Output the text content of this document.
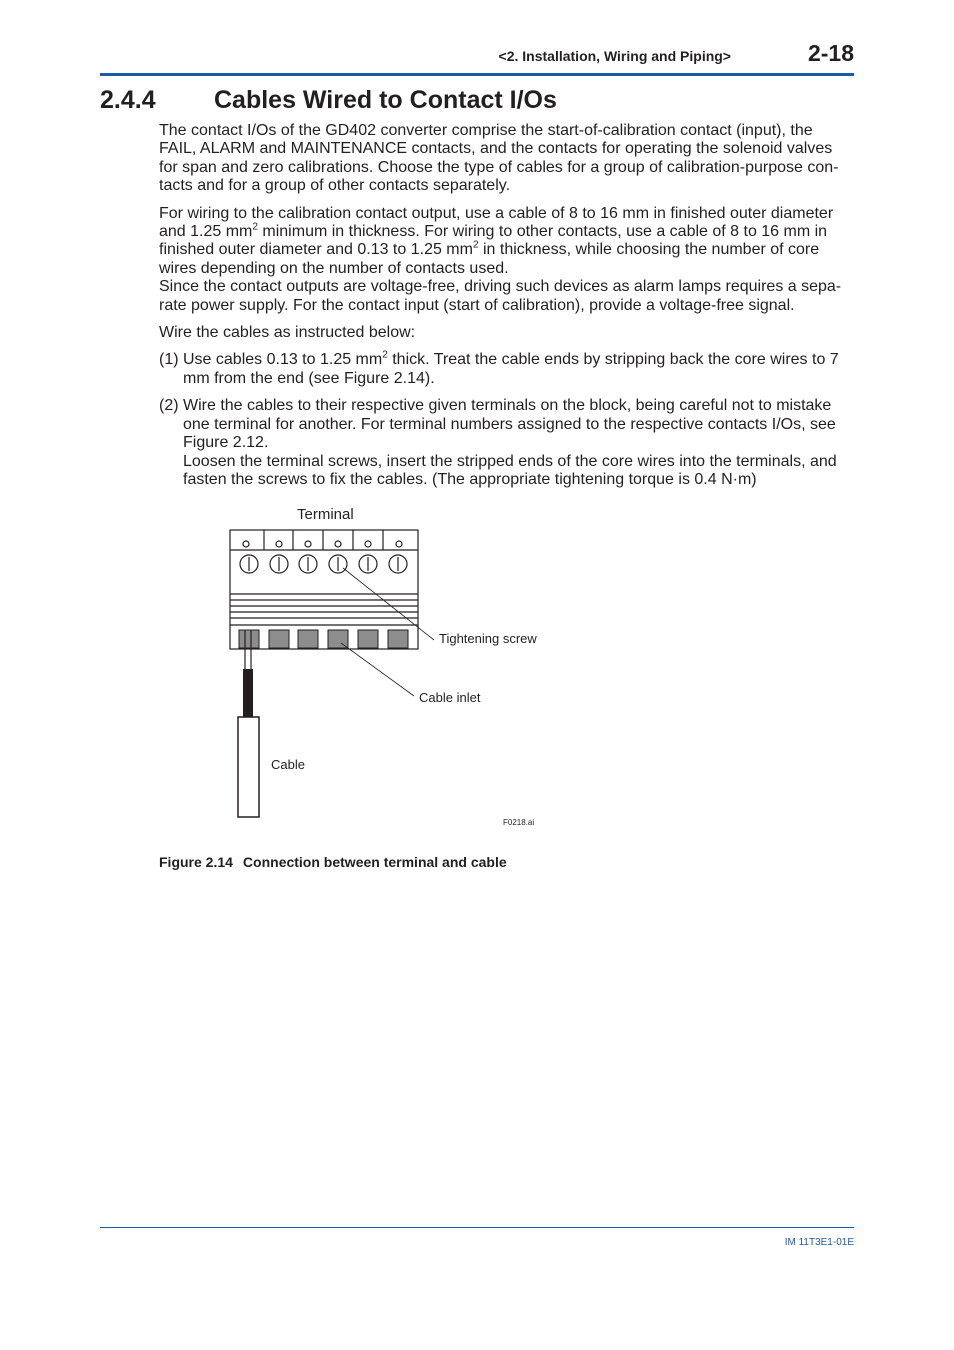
<2. Installation, Wiring and Piping>	2-18
2.4.4 Cables Wired to Contact I/Os

The contact I/Os of the GD402 converter comprise the start-of-calibration contact (input), the FAIL, ALARM and MAINTENANCE contacts, and the contacts for operating the solenoid valves for span and zero calibrations. Choose the type of cables for a group of calibration-purpose con-tacts and for a group of other contacts separately.

For wiring to the calibration contact output, use a cable of 8 to 16 mm in finished outer diameter and 1.25 $mm^2$ minimum in thickness. For wiring to other contacts, use a cable of 8 to 16 mm in finished outer diameter and 0.13 to 1.25 $mm^2$ in thickness, while choosing the number of core wires depending on the number of contacts used.

Since the contact outputs are voltage-free, driving such devices as alarm lamps requires a sepa-rate power supply. For the contact input (start of calibration), provide a voltage-free signal.

Wire the cables as instructed below:

(1) Use cables 0.13 to 1.25 $mm^2$ thick. Treat the cable ends by stripping back the core wires to 7 mm from the end (see Figure 2.14).
(2) Wire the cables to their respective given terminals on the block, being careful not to mistake one terminal for another. For terminal numbers assigned to the respective contacts I/Os, see Figure 2.12.
Loosen the terminal screws, insert the stripped ends of the core wires into the terminals, and fasten the screws to fix the cables. (The appropriate tightening torque is 0.4 N·m)
Terminal
Tightening screw
Cable inlet
Cable
F0218.ai
Figure 2.14 Connection between terminal and cable
IM 11T3E1-01E
